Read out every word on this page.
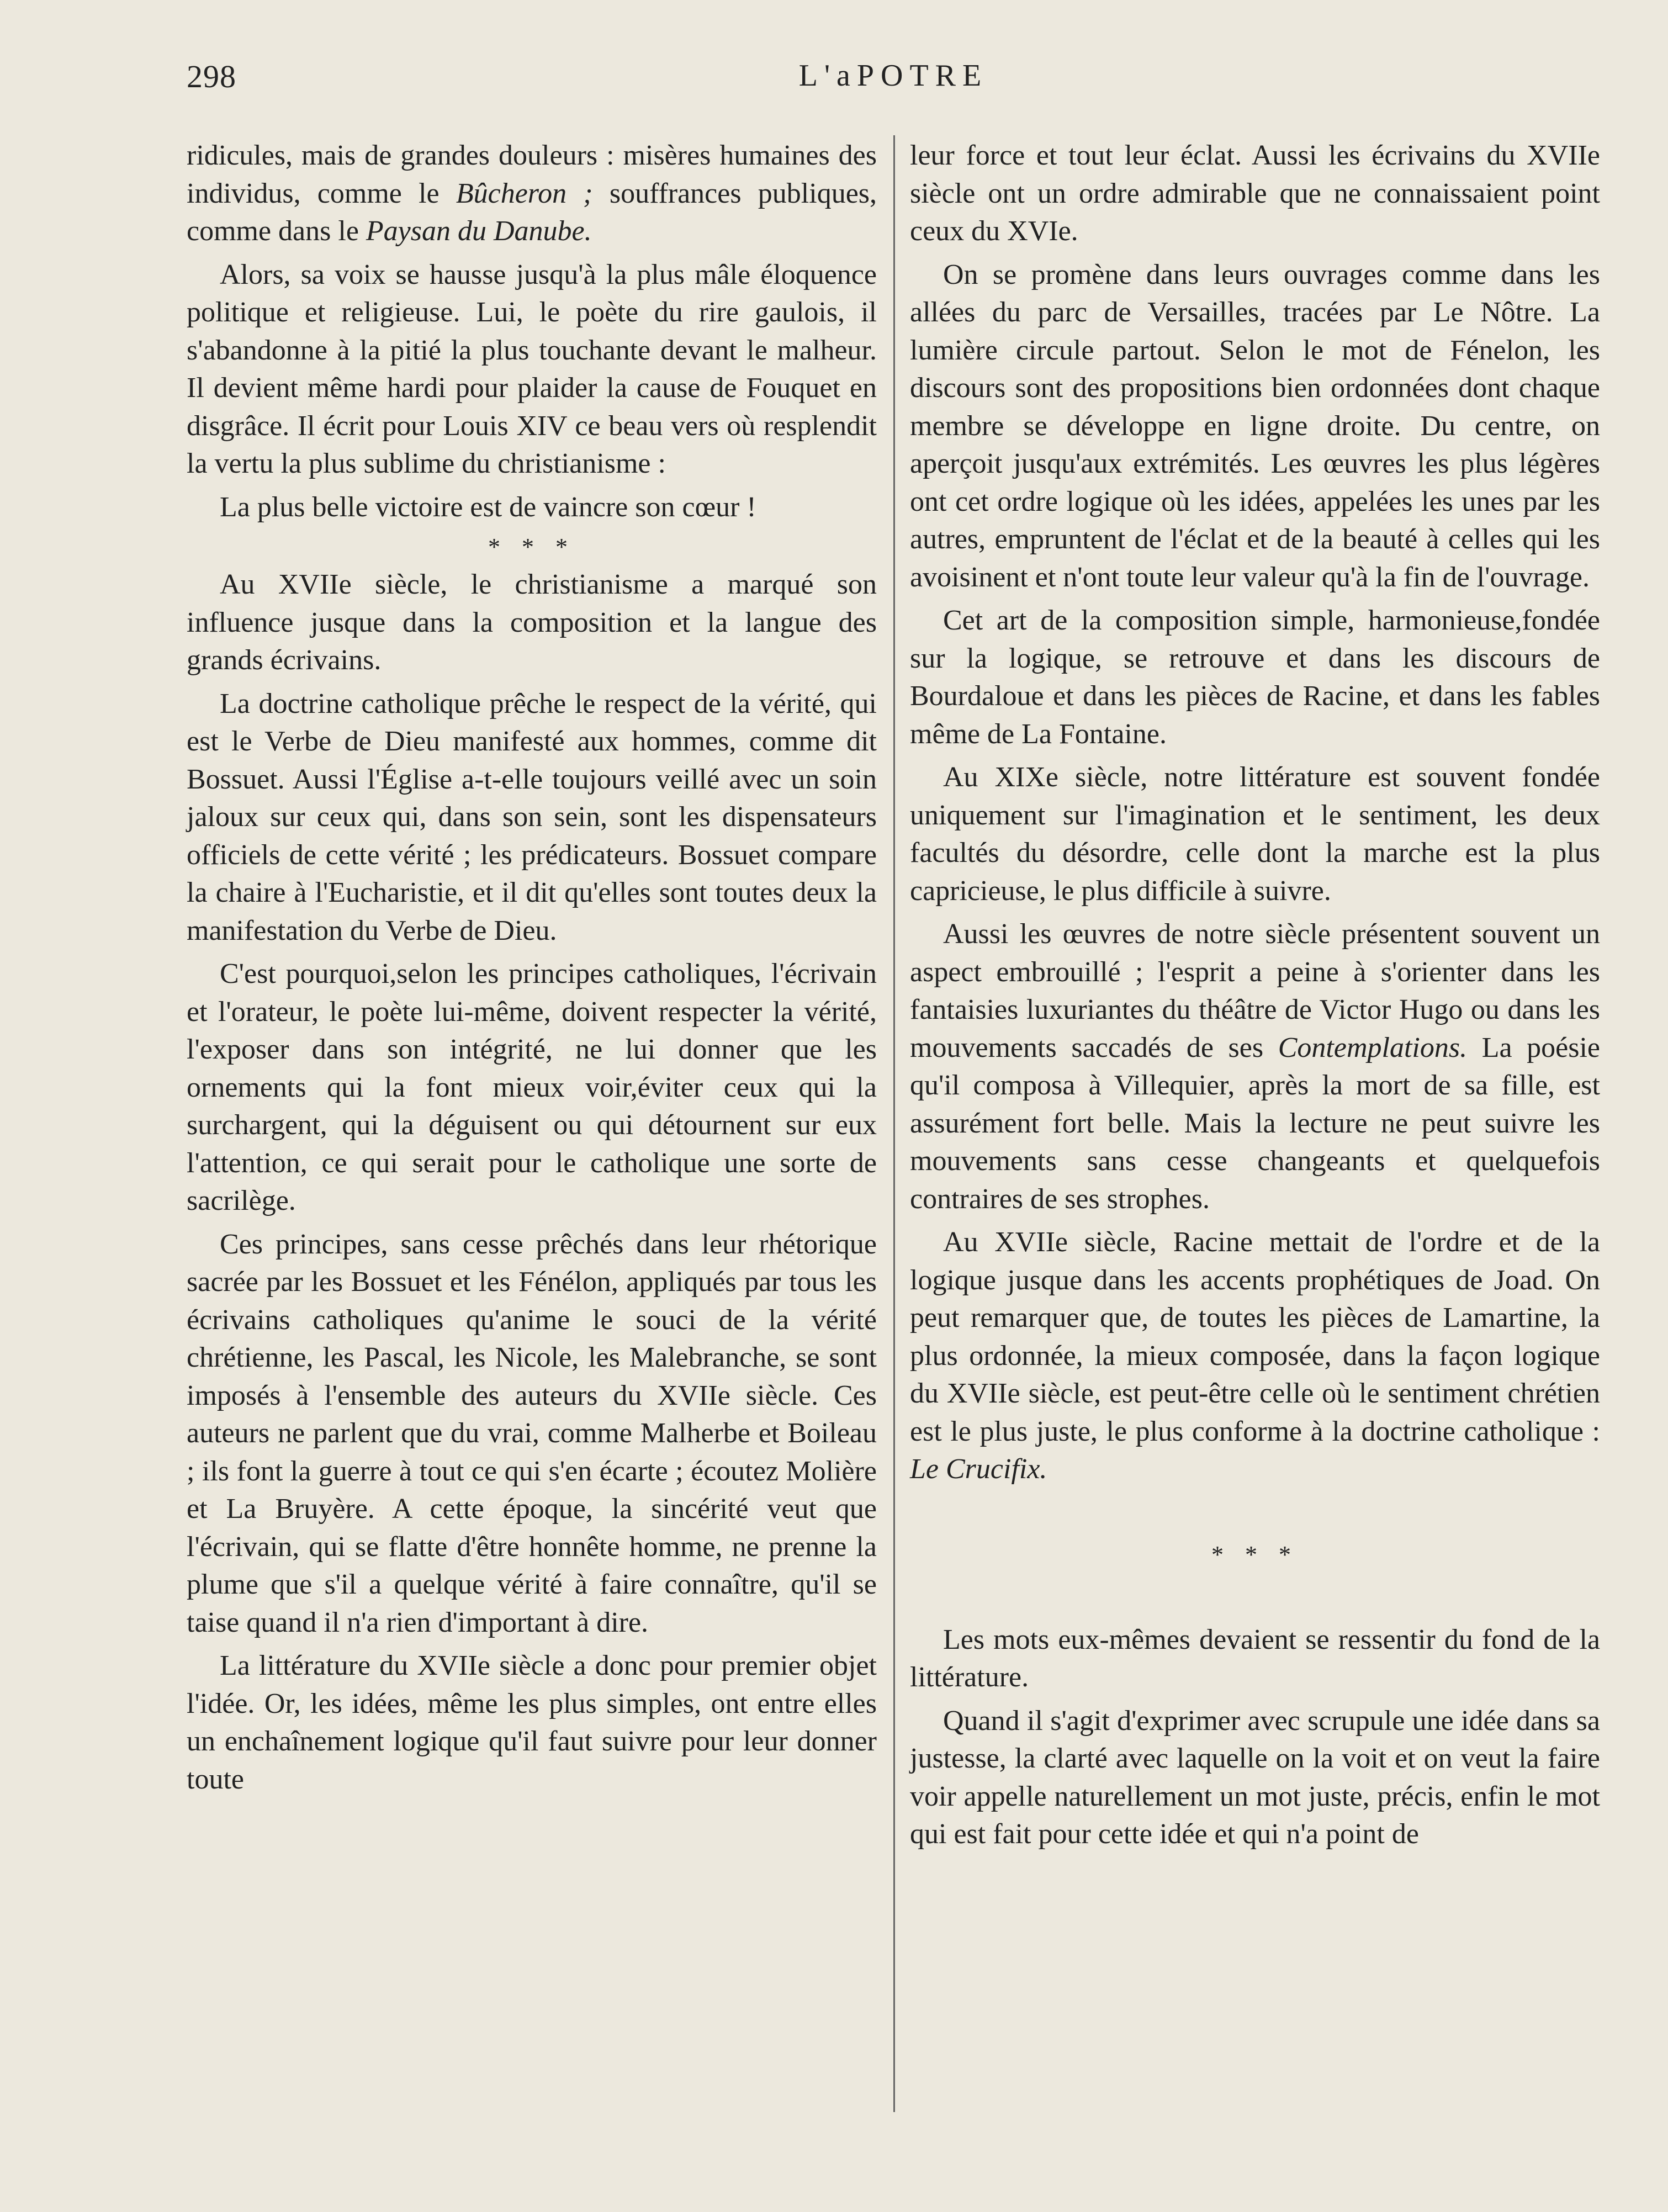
298	L'aPOTRE

ridicules, mais de grandes douleurs : misères humaines des individus, comme le Bûcheron ; souffrances publiques, comme dans le Paysan du Danube.

Alors, sa voix se hausse jusqu'à la plus mâle éloquence politique et religieuse. Lui, le poète du rire gaulois, il s'abandonne à la pitié la plus touchante devant le malheur. Il devient même hardi pour plaider la cause de Fouquet en disgrâce. Il écrit pour Louis XIV ce beau vers où resplendit la vertu la plus sublime du christianisme :

La plus belle victoire est de vaincre son cœur !

* * *

Au XVIIe siècle, le christianisme a marqué son influence jusque dans la composition et la langue des grands écrivains.

La doctrine catholique prêche le respect de la vérité, qui est le Verbe de Dieu manifesté aux hommes, comme dit Bossuet. Aussi l'Église a-t-elle toujours veillé avec un soin jaloux sur ceux qui, dans son sein, sont les dispensateurs officiels de cette vérité ; les prédicateurs. Bossuet compare la chaire à l'Eucharistie, et il dit qu'elles sont toutes deux la manifestation du Verbe de Dieu.

C'est pourquoi,selon les principes catholiques, l'écrivain et l'orateur, le poète lui-même, doivent respecter la vérité, l'exposer dans son intégrité, ne lui donner que les ornements qui la font mieux voir,éviter ceux qui la surchargent, qui la déguisent ou qui détournent sur eux l'attention, ce qui serait pour le catholique une sorte de sacrilège.

Ces principes, sans cesse prêchés dans leur rhétorique sacrée par les Bossuet et les Fénélon, appliqués par tous les écrivains catholiques qu'anime le souci de la vérité chrétienne, les Pascal, les Nicole, les Malebranche, se sont imposés à l'ensemble des auteurs du XVIIe siècle. Ces auteurs ne parlent que du vrai, comme Malherbe et Boileau ; ils font la guerre à tout ce qui s'en écarte ; écoutez Molière et La Bruyère. A cette époque, la sincérité veut que l'écrivain, qui se flatte d'être honnête homme, ne prenne la plume que s'il a quelque vérité à faire connaître, qu'il se taise quand il n'a rien d'important à dire.

La littérature du XVIIe siècle a donc pour premier objet l'idée. Or, les idées, même les plus simples, ont entre elles un enchaînement logique qu'il faut suivre pour leur donner toute

leur force et tout leur éclat. Aussi les écrivains du XVIIe siècle ont un ordre admirable que ne connaissaient point ceux du XVIe.

On se promène dans leurs ouvrages comme dans les allées du parc de Versailles, tracées par Le Nôtre. La lumière circule partout. Selon le mot de Fénelon, les discours sont des propositions bien ordonnées dont chaque membre se développe en ligne droite. Du centre, on aperçoit jusqu'aux extrémités. Les œuvres les plus légères ont cet ordre logique où les idées, appelées les unes par les autres, empruntent de l'éclat et de la beauté à celles qui les avoisinent et n'ont toute leur valeur qu'à la fin de l'ouvrage.

Cet art de la composition simple, harmonieuse,fondée sur la logique, se retrouve et dans les discours de Bourdaloue et dans les pièces de Racine, et dans les fables même de La Fontaine.

Au XIXe siècle, notre littérature est souvent fondée uniquement sur l'imagination et le sentiment, les deux facultés du désordre, celle dont la marche est la plus capricieuse, le plus difficile à suivre.

Aussi les œuvres de notre siècle présentent souvent un aspect embrouillé ; l'esprit a peine à s'orienter dans les fantaisies luxuriantes du théâtre de Victor Hugo ou dans les mouvements saccadés de ses Contemplations. La poésie qu'il composa à Villequier, après la mort de sa fille, est assurément fort belle. Mais la lecture ne peut suivre les mouvements sans cesse changeants et quelquefois contraires de ses strophes.

Au XVIIe siècle, Racine mettait de l'ordre et de la logique jusque dans les accents prophétiques de Joad. On peut remarquer que, de toutes les pièces de Lamartine, la plus ordonnée, la mieux composée, dans la façon logique du XVIIe siècle, est peut-être celle où le sentiment chrétien est le plus juste, le plus conforme à la doctrine catholique : Le Crucifix.

* * *

Les mots eux-mêmes devaient se ressentir du fond de la littérature.

Quand il s'agit d'exprimer avec scrupule une idée dans sa justesse, la clarté avec laquelle on la voit et on veut la faire voir appelle naturellement un mot juste, précis, enfin le mot qui est fait pour cette idée et qui n'a point de
